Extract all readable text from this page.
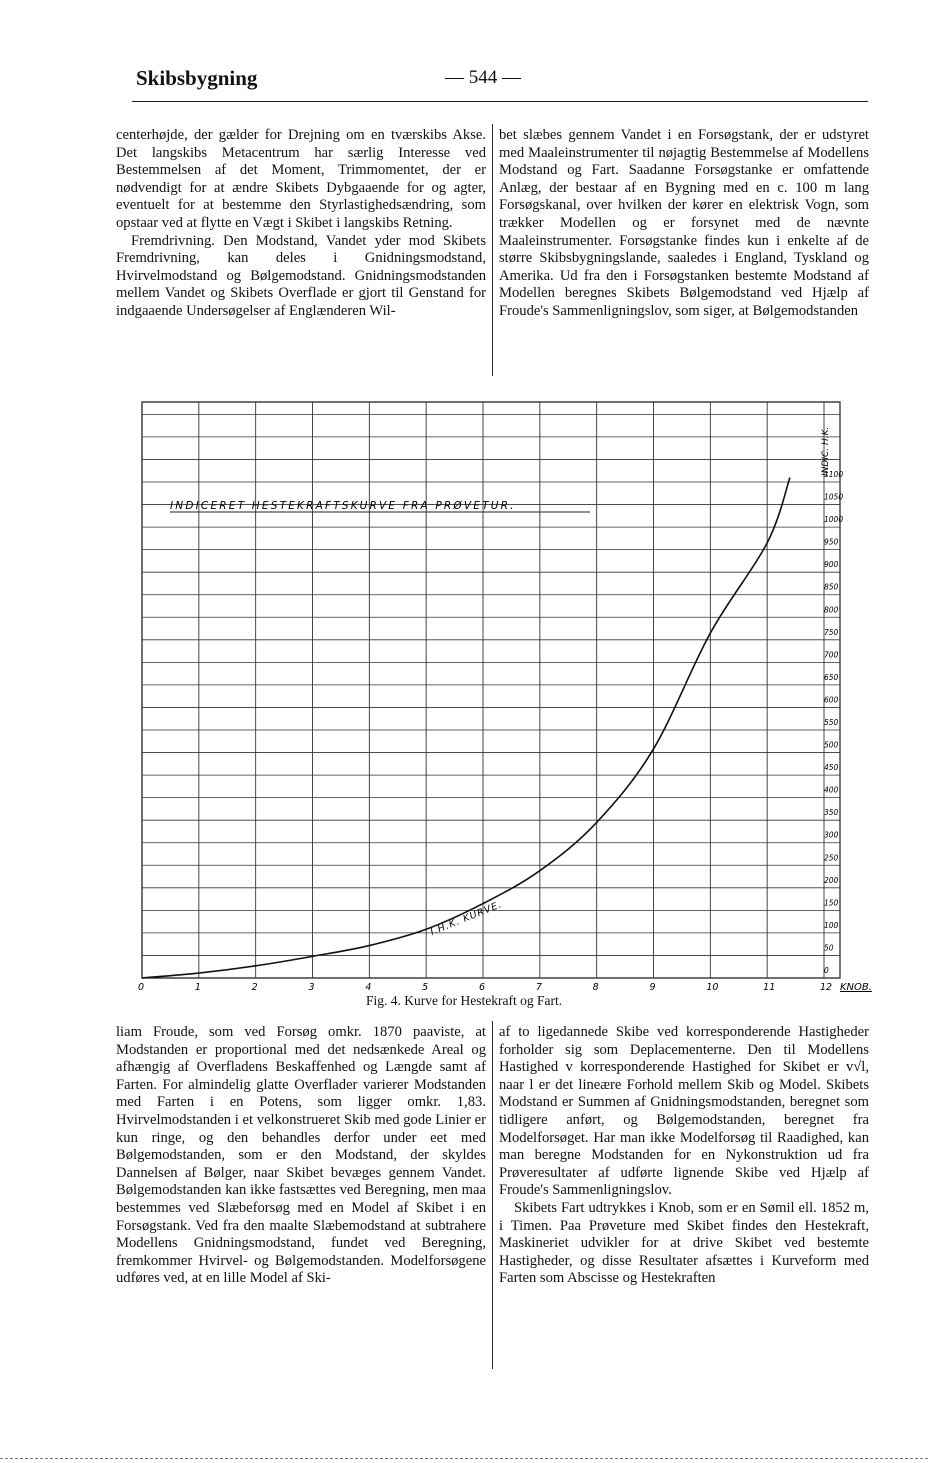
Skibsbygning	— 544 —

centerhøjde, der gælder for Drejning om en tværskibs Akse. Det langskibs Metacentrum har særlig Interesse ved Bestemmelsen af det Moment, Trimmomentet, der er nødvendigt for at ændre Skibets Dybgaaende for og agter, eventuelt for at bestemme den Styrlastighedsændring, som opstaar ved at flytte en Vægt i Skibet i langskibs Retning.

Fremdrivning. Den Modstand, Vandet yder mod Skibets Fremdrivning, kan deles i Gnidningsmodstand, Hvirvelmodstand og Bølgemodstand. Gnidningsmodstanden mellem Vandet og Skibets Overflade er gjort til Genstand for indgaaende Undersøgelser af Englænderen Wil-

bet slæbes gennem Vandet i en Forsøgstank, der er udstyret med Maaleinstrumenter til nøjagtig Bestemmelse af Modellens Modstand og Fart. Saadanne Forsøgstanke er omfattende Anlæg, der bestaar af en Bygning med en c. 100 m lang Forsøgskanal, over hvilken der kører en elektrisk Vogn, som trækker Modellen og er forsynet med de nævnte Maaleinstrumenter. Forsøgstanke findes kun i enkelte af de større Skibsbygningslande, saaledes i England, Tyskland og Amerika. Ud fra den i Forsøgstanken bestemte Modstand af Modellen beregnes Skibets Bølgemodstand ved Hjælp af Froude's Sammenligningslov, som siger, at Bølgemodstanden

0
50
100
150
200
250
300
350
400
450
500
550
600
650
700
750
800
850
900
950
1000
1050
1100
0	1	2	3	4	5	6	7	8	9	10	11	12
INDICERET HESTEKRAFTSKURVE FRA PRØVETUR.
I.H.K. KURVE.
INDIC. H.K.
KNOB.
Fig. 4. Kurve for Hestekraft og Fart.

liam Froude, som ved Forsøg omkr. 1870 paaviste, at Modstanden er proportional med det nedsænkede Areal og afhængig af Overfladens Beskaffenhed og Længde samt af Farten. For almindelig glatte Overflader varierer Modstanden med Farten i en Potens, som ligger omkr. 1,83. Hvirvelmodstanden i et velkonstrueret Skib med gode Linier er kun ringe, og den behandles derfor under eet med Bølgemodstanden, som er den Modstand, der skyldes Dannelsen af Bølger, naar Skibet bevæges gennem Vandet. Bølgemodstanden kan ikke fastsættes ved Beregning, men maa bestemmes ved Slæbeforsøg med en Model af Skibet i en Forsøgstank. Ved fra den maalte Slæbemodstand at subtrahere Modellens Gnidningsmodstand, fundet ved Beregning, fremkommer Hvirvel- og Bølgemodstanden. Modelforsøgene udføres ved, at en lille Model af Ski-

af to ligedannede Skibe ved korresponderende Hastigheder forholder sig som Deplacementerne. Den til Modellens Hastighed v korresponderende Hastighed for Skibet er v√l, naar l er det lineære Forhold mellem Skib og Model. Skibets Modstand er Summen af Gnidningsmodstanden, beregnet som tidligere anført, og Bølgemodstanden, beregnet fra Modelforsøget. Har man ikke Modelforsøg til Raadighed, kan man beregne Modstanden for en Nykonstruktion ud fra Prøveresultater af udførte lignende Skibe ved Hjælp af Froude's Sammenligningslov.

Skibets Fart udtrykkes i Knob, som er en Sømil ell. 1852 m, i Timen. Paa Prøveture med Skibet findes den Hestekraft, Maskineriet udvikler for at drive Skibet ved bestemte Hastigheder, og disse Resultater afsættes i Kurveform med Farten som Abscisse og Hestekraften
